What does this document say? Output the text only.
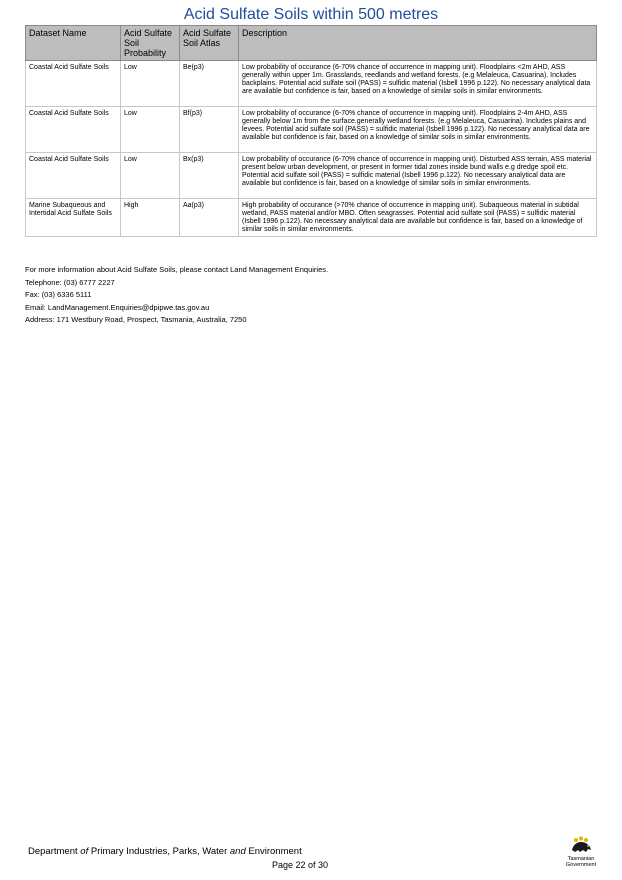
Acid Sulfate Soils within 500 metres
Dataset Name	Acid Sulfate Soil Probability	Acid Sulfate Soil Atlas	Description
Coastal Acid Sulfate Soils	Low	Be(p3)	Low probability of occurance (6-70% chance of occurrence in mapping unit). Floodplains <2m AHD, ASS generally within upper 1m. Grasslands, reedlands and wetland forests. (e.g Melaleuca, Casuarina). Includes backplains. Potential acid sulfate soil (PASS) = sulfidic material (Isbell 1996 p.122). No necessary analytical data are available but confidence is fair, based on a knowledge of similar soils in similar environments.
Coastal Acid Sulfate Soils	Low	Bf(p3)	Low probability of occurance (6-70% chance of occurrence in mapping unit). Floodplains 2-4m AHD, ASS generally below 1m from the surface.generally wetland forests. (e.g Melaleuca, Casuarina). Includes plains and levees. Potential acid sulfate soil (PASS) = sulfidic material (Isbell 1996 p.122). No necessary analytical data are available but confidence is fair, based on a knowledge of similar soils in similar environments.
Coastal Acid Sulfate Soils	Low	Bx(p3)	Low probability of occurance (6-70% chance of occurrence in mapping unit). Disturbed ASS terrain, ASS material present below urban development, or present in former tidal zones inside bund walls e.g dredge spoil etc. Potential acid sulfate soil (PASS) = sulfidic material (Isbell 1996 p.122). No necessary analytical data are available but confidence is fair, based on a knowledge of similar soils in similar environments.
Marine Subaqueous and Intertidal Acid Sulfate Soils	High	Aa(p3)	High probability of occurance (>70% chance of occurrence in mapping unit). Subaqueous material in subtidal wetland, PASS material and/or MBO. Often seagrasses. Potential acid sulfate soil (PASS) = sulfidic material (Isbell 1996 p.122). No necessary analytical data are available but confidence is fair, based on a knowledge of similar soils in similar environments.
For more information about Acid Sulfate Soils, please contact Land Management Enquiries.
Telephone: (03) 6777 2227
Fax: (03) 6336 5111
Email: LandManagement.Enquiries@dpipwe.tas.gov.au
Address: 171 Westbury Road, Prospect, Tasmania, Australia, 7250
Department of Primary Industries, Parks, Water and Environment
Page 22 of 30
Tasmanian
Government
